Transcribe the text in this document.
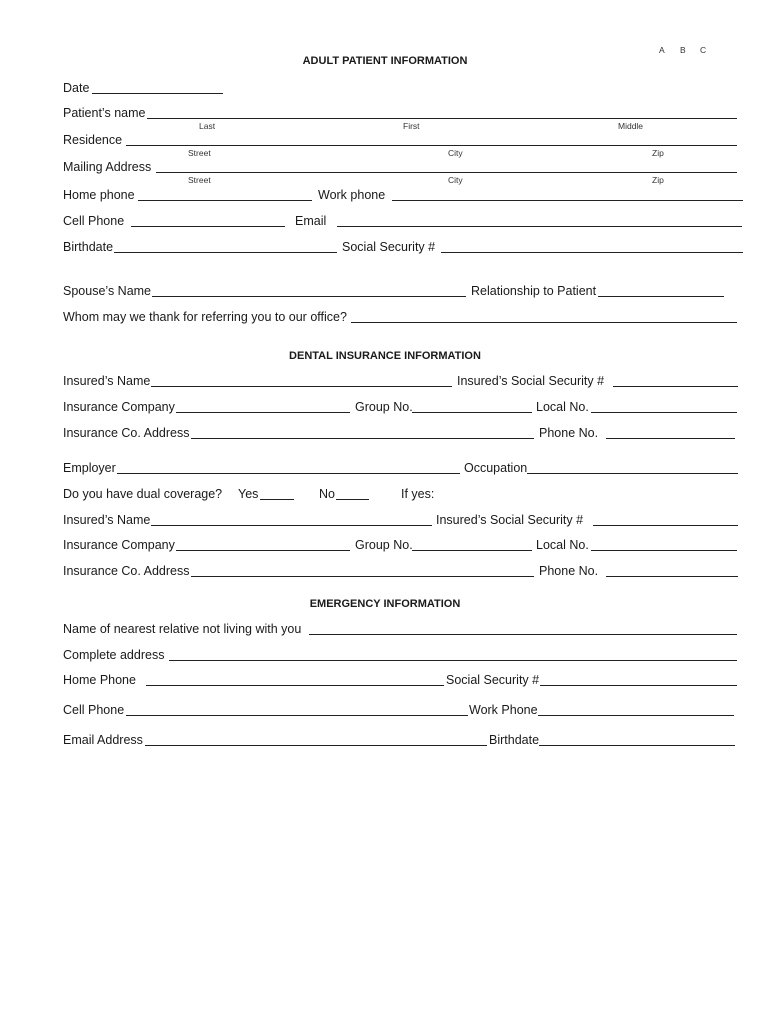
A B C
ADULT PATIENT INFORMATION
Date
Patient’s name
Last	First	Middle
Residence
Street	City	Zip
Mailing Address
Street	City	Zip
Home phone	Work phone
Cell Phone	Email
Birthdate	Social Security #
Spouse’s Name	Relationship to Patient
Whom may we thank for referring you to our office?
DENTAL INSURANCE INFORMATION
Insured’s Name	Insured’s Social Security #
Insurance Company	Group No.	Local No.
Insurance Co. Address	Phone No.
Employer	Occupation
Do you have dual coverage? Yes	No	If yes:
Insured’s Name	Insured’s Social Security #
Insurance Company	Group No.	Local No.
Insurance Co. Address	Phone No.
EMERGENCY INFORMATION
Name of nearest relative not living with you
Complete address
Home Phone	Social Security #
Cell Phone	Work Phone
Email Address	Birthdate
